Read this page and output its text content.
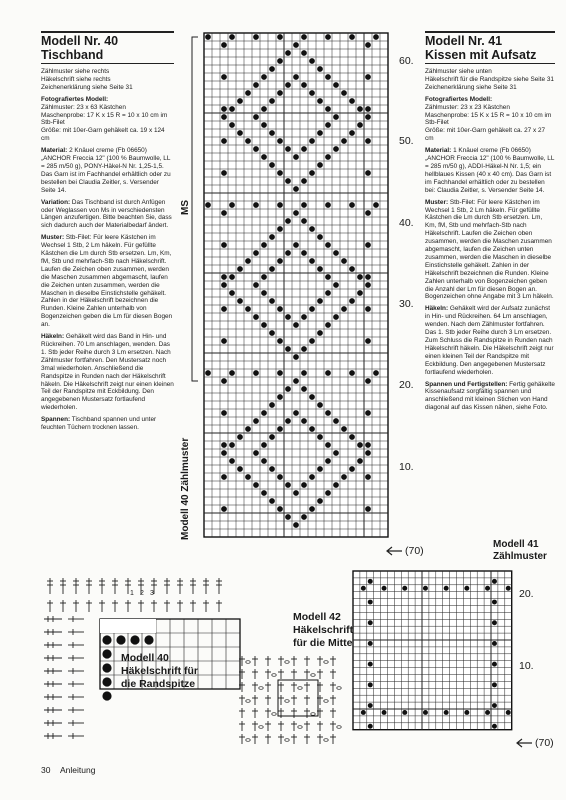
Modell Nr. 40
Tischband

Zählmuster siehe rechts
Häkelschrift siehe rechts
Zeichenerklärung siehe Seite 31

Fotografiertes Modell:
Zählmuster: 23 x 63 Kästchen
Maschenprobe: 17 K x 15 R = 10 x 10 cm im Stb-Filet
Größe: mit 10er-Garn gehäkelt ca. 19 x 124 cm

Material: 2 Knäuel creme (Fb 06650) „ANCHOR Freccia 12" (100 % Baumwolle, LL = 285 m/50 g), PONY-Häkel-N Nr. 1,25-1,5. Das Garn ist im Fachhandel erhältlich oder zu bestellen bei Claudia Zeitler, s. Versender Seite 14.

Variation: Das Tischband ist durch Anfügen oder Weglassen von Ms in verschiedensten Längen anzufertigen. Bitte beachten Sie, dass sich dadurch auch der Materialbedarf ändert.

Muster: Stb-Filet: Für leere Kästchen im Wechsel 1 Stb, 2 Lm häkeln. Für gefüllte Kästchen die Lm durch Stb ersetzen. Lm, Km, fM, Stb und mehrfach-Stb nach Häkelschrift. Laufen die Zeichen oben zusammen, werden die Maschen zusammen abgemascht, laufen die Zeichen unten zusammen, werden die Maschen in dieselbe Einstichstelle gehäkelt. Zahlen in der Häkelschrift bezeichnen die Runden. Kleine Zahlen unterhalb von Bogenzeichen geben die Lm für diesen Bogen an.

Häkeln: Gehäkelt wird das Band in Hin- und Rückreihen. 70 Lm anschlagen, wenden. Das 1. Stb jeder Reihe durch 3 Lm ersetzen. Nach Zählmuster fortfahren. Den Mustersatz noch 3mal wiederholen. Anschließend die Randspitze in Runden nach der Häkelschrift häkeln. Die Häkelschrift zeigt nur einen kleinen Teil der Randspitze mit Eckbildung. Den angegebenen Mustersatz fortlaufend wiederholen.

Spannen: Tischband spannen und unter feuchten Tüchern trocknen lassen.

Modell Nr. 41
Kissen mit Aufsatz

Zählmuster siehe unten
Häkelschrift für die Randspitze siehe Seite 31
Zeichenerklärung siehe Seite 31

Fotografiertes Modell:
Zählmuster: 23 x 23 Kästchen
Maschenprobe: 15 K x 15 R = 10 x 10 cm im Stb-Filet
Größe: mit 10er-Garn gehäkelt ca. 27 x 27 cm

Material: 1 Knäuel creme (Fb 06650) „ANCHOR Freccia 12" (100 % Baumwolle, LL = 285 m/50 g), ADDI-Häkel-N Nr. 1,5; ein hellblaues Kissen (40 x 40 cm). Das Garn ist im Fachhandel erhältlich oder zu bestellen bei: Claudia Zeitler, s. Versender Seite 14.

Muster: Stb-Filet: Für leere Kästchen im Wechsel 1 Stb, 2 Lm häkeln. Für gefüllte Kästchen die Lm durch Stb ersetzen. Lm, Km, fM, Stb und mehrfach-Stb nach Häkelschrift. Laufen die Zeichen oben zusammen, werden die Maschen zusammen abgemascht, laufen die Zeichen unten zusammen, werden die Maschen in dieselbe Einstichstelle gehäkelt. Zahlen in der Häkelschrift bezeichnen die Runden. Kleine Zahlen unterhalb von Bogenzeichen geben die Anzahl der Lm für diesen Bogen an. Bogenzeichen ohne Angabe mit 3 Lm häkeln.

Häkeln: Gehäkelt wird der Aufsatz zunächst in Hin- und Rückreihen. 64 Lm anschlagen, wenden. Nach dem Zählmuster fortfahren. Das 1. Stb jeder Reihe durch 3 Lm ersetzen. Zum Schluss die Randspitze in Runden nach Häkelschrift häkeln. Die Häkelschrift zeigt nur einen kleinen Teil der Randspitze mit Eckbildung. Den angegebenen Mustersatz fortlaufend wiederholen.

Spannen und Fertigstellen: Fertig gehäkelte Kissenaufsatz sorgfältig spannen und anschließend mit kleinen Stichen von Hand diagonal auf das Kissen nähen, siehe Foto.

Modell 40 Zählmuster
MS
60.
50.
40.
30.
20.
10.
(70)
Modell 41
Zählmuster
20.
10.
(70)
1 2 3
Modell 40
Häkelschrift für
die Randspitze
Modell 42
Häkelschrift
für die Mitte
30 Anleitung
